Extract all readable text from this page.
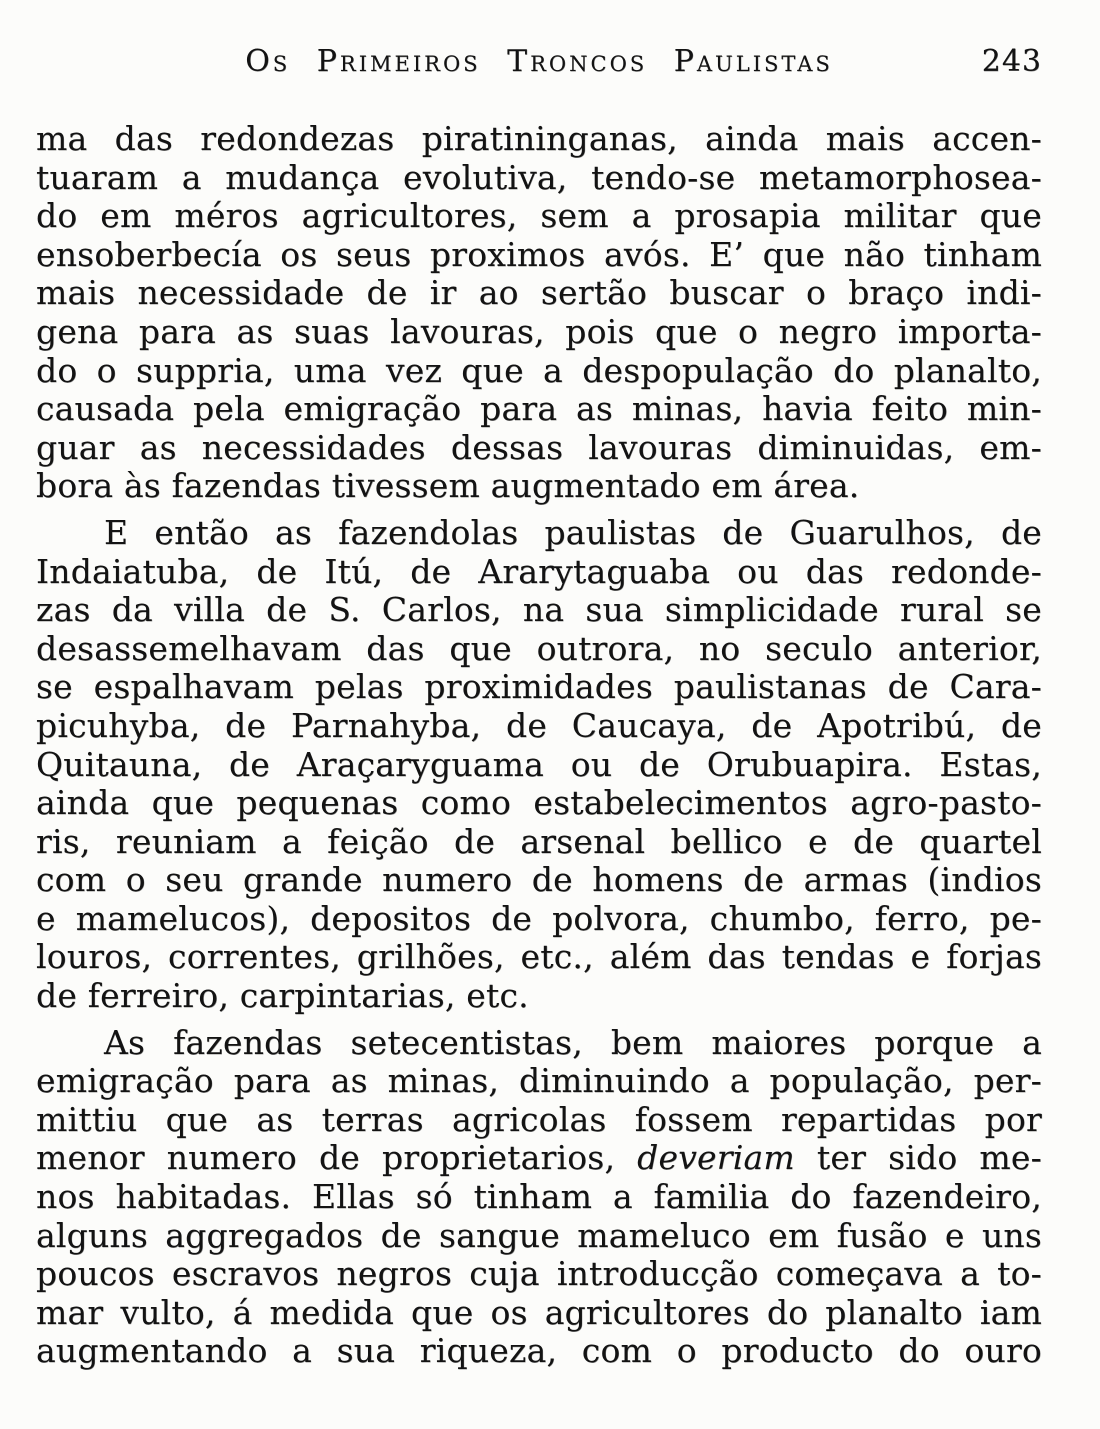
Os Primeiros Troncos Paulistas	243
ma das redondezas piratininganas, ainda mais accen-
tuaram a mudança evolutiva, tendo-se metamorphosea-
do em méros agricultores, sem a prosapia militar que
ensoberbecía os seus proximos avós. E’ que não tinham
mais necessidade de ir ao sertão buscar o braço indi-
gena para as suas lavouras, pois que o negro importa-
do o suppria, uma vez que a despopulação do planalto,
causada pela emigração para as minas, havia feito min-
guar as necessidades dessas lavouras diminuidas, em-
bora às fazendas tivessem augmentado em área.
E então as fazendolas paulistas de Guarulhos, de
Indaiatuba, de Itú, de Ararytaguaba ou das redonde-
zas da villa de S. Carlos, na sua simplicidade rural se
desassemelhavam das que outrora, no seculo anterior,
se espalhavam pelas proximidades paulistanas de Cara-
picuhyba, de Parnahyba, de Caucaya, de Apotribú, de
Quitauna, de Araçaryguama ou de Orubuapira. Estas,
ainda que pequenas como estabelecimentos agro-pasto-
ris, reuniam a feição de arsenal bellico e de quartel
com o seu grande numero de homens de armas (indios
e mamelucos), depositos de polvora, chumbo, ferro, pe-
louros, correntes, grilhões, etc., além das tendas e forjas
de ferreiro, carpintarias, etc.
As fazendas setecentistas, bem maiores porque a
emigração para as minas, diminuindo a população, per-
mittiu que as terras agricolas fossem repartidas por
menor numero de proprietarios, deveriam ter sido me-
nos habitadas. Ellas só tinham a familia do fazendeiro,
alguns aggregados de sangue mameluco em fusão e uns
poucos escravos negros cuja introducção começava a to-
mar vulto, á medida que os agricultores do planalto iam
augmentando a sua riqueza, com o producto do ouro
